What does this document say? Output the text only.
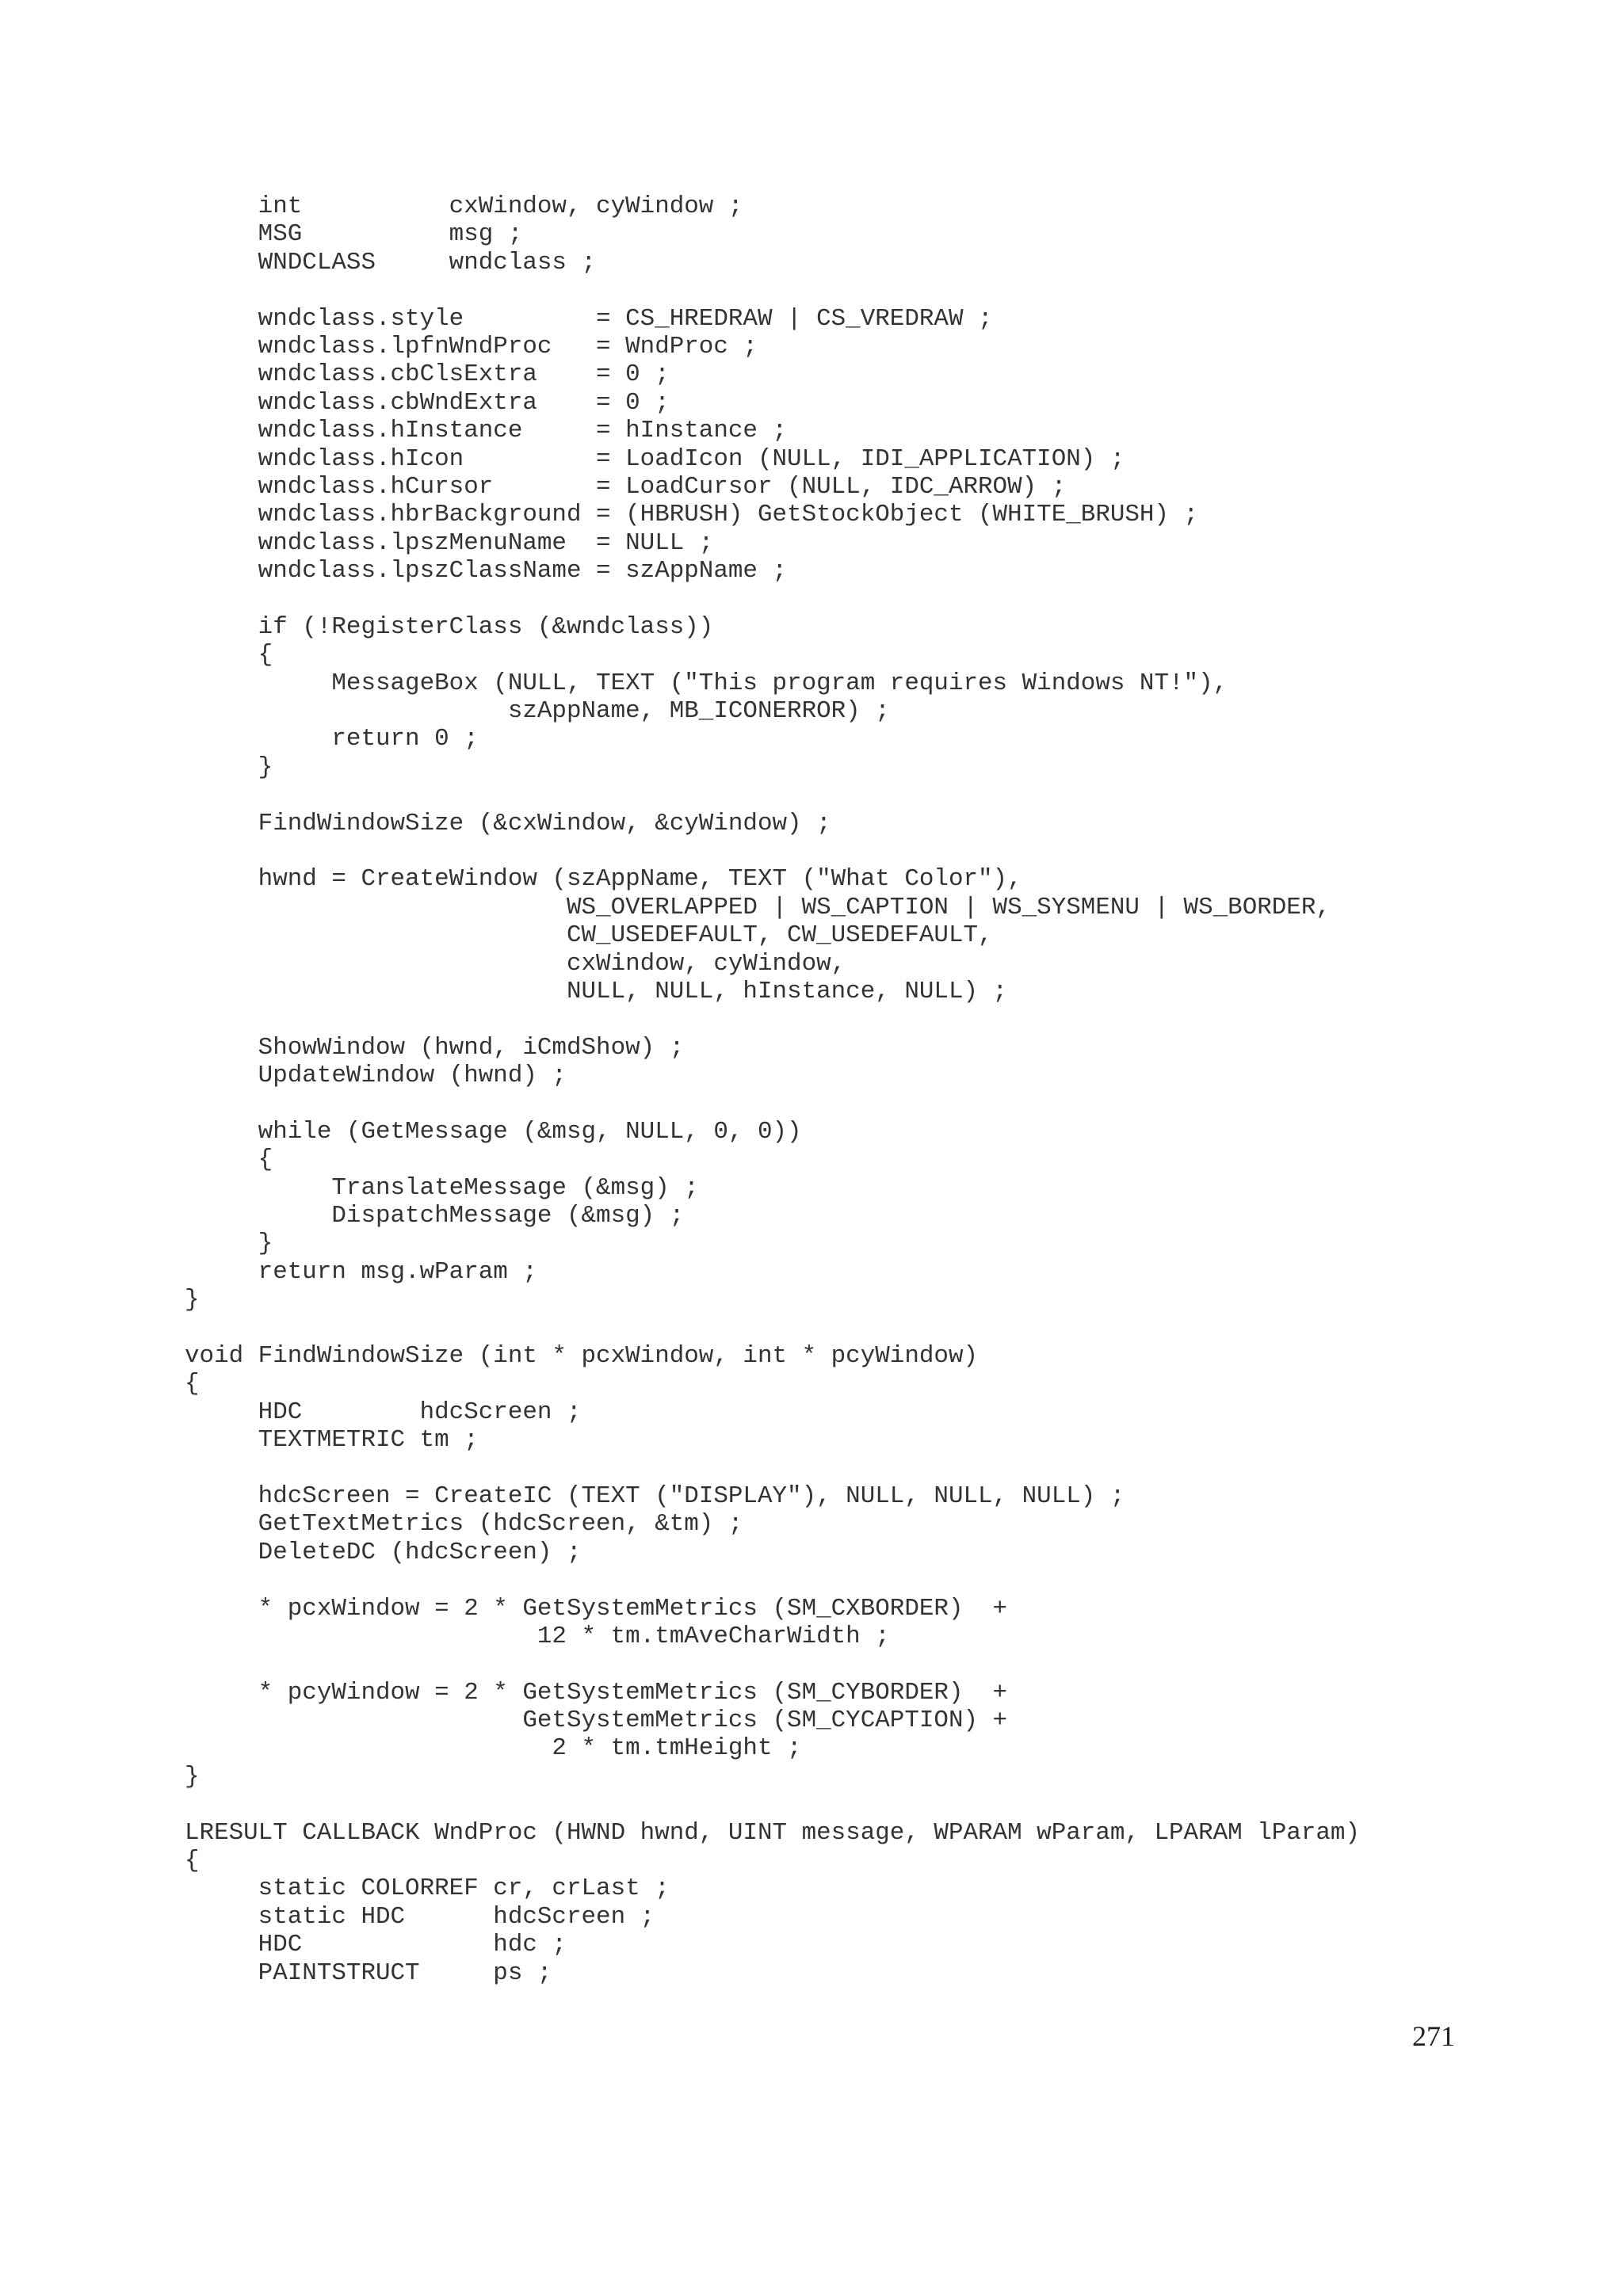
int          cxWindow, cyWindow ;
MSG          msg ;
WNDCLASS     wndclass ;
wndclass.style         = CS_HREDRAW | CS_VREDRAW ;
wndclass.lpfnWndProc   = WndProc ;
wndclass.cbClsExtra    = 0 ;
wndclass.cbWndExtra    = 0 ;
wndclass.hInstance     = hInstance ;
wndclass.hIcon         = LoadIcon (NULL, IDI_APPLICATION) ;
wndclass.hCursor       = LoadCursor (NULL, IDC_ARROW) ;
wndclass.hbrBackground = (HBRUSH) GetStockObject (WHITE_BRUSH) ;
wndclass.lpszMenuName  = NULL ;
wndclass.lpszClassName = szAppName ;
if (!RegisterClass (&wndclass))
{
MessageBox (NULL, TEXT ("This program requires Windows NT!"),
szAppName, MB_ICONERROR) ;
return 0 ;
}
FindWindowSize (&cxWindow, &cyWindow) ;
hwnd = CreateWindow (szAppName, TEXT ("What Color"),
WS_OVERLAPPED | WS_CAPTION | WS_SYSMENU | WS_BORDER,
CW_USEDEFAULT, CW_USEDEFAULT,
cxWindow, cyWindow,
NULL, NULL, hInstance, NULL) ;
ShowWindow (hwnd, iCmdShow) ;
UpdateWindow (hwnd) ;
while (GetMessage (&msg, NULL, 0, 0))
{
TranslateMessage (&msg) ;
DispatchMessage (&msg) ;
}
return msg.wParam ;
}
void FindWindowSize (int * pcxWindow, int * pcyWindow)
{
HDC        hdcScreen ;
TEXTMETRIC tm ;
hdcScreen = CreateIC (TEXT ("DISPLAY"), NULL, NULL, NULL) ;
GetTextMetrics (hdcScreen, &tm) ;
DeleteDC (hdcScreen) ;
* pcxWindow = 2 * GetSystemMetrics (SM_CXBORDER)  +
12 * tm.tmAveCharWidth ;
* pcyWindow = 2 * GetSystemMetrics (SM_CYBORDER)  +
GetSystemMetrics (SM_CYCAPTION) +
2 * tm.tmHeight ;
}
LRESULT CALLBACK WndProc (HWND hwnd, UINT message, WPARAM wParam, LPARAM lParam)
{
static COLORREF cr, crLast ;
static HDC      hdcScreen ;
HDC             hdc ;
PAINTSTRUCT     ps ;
271
